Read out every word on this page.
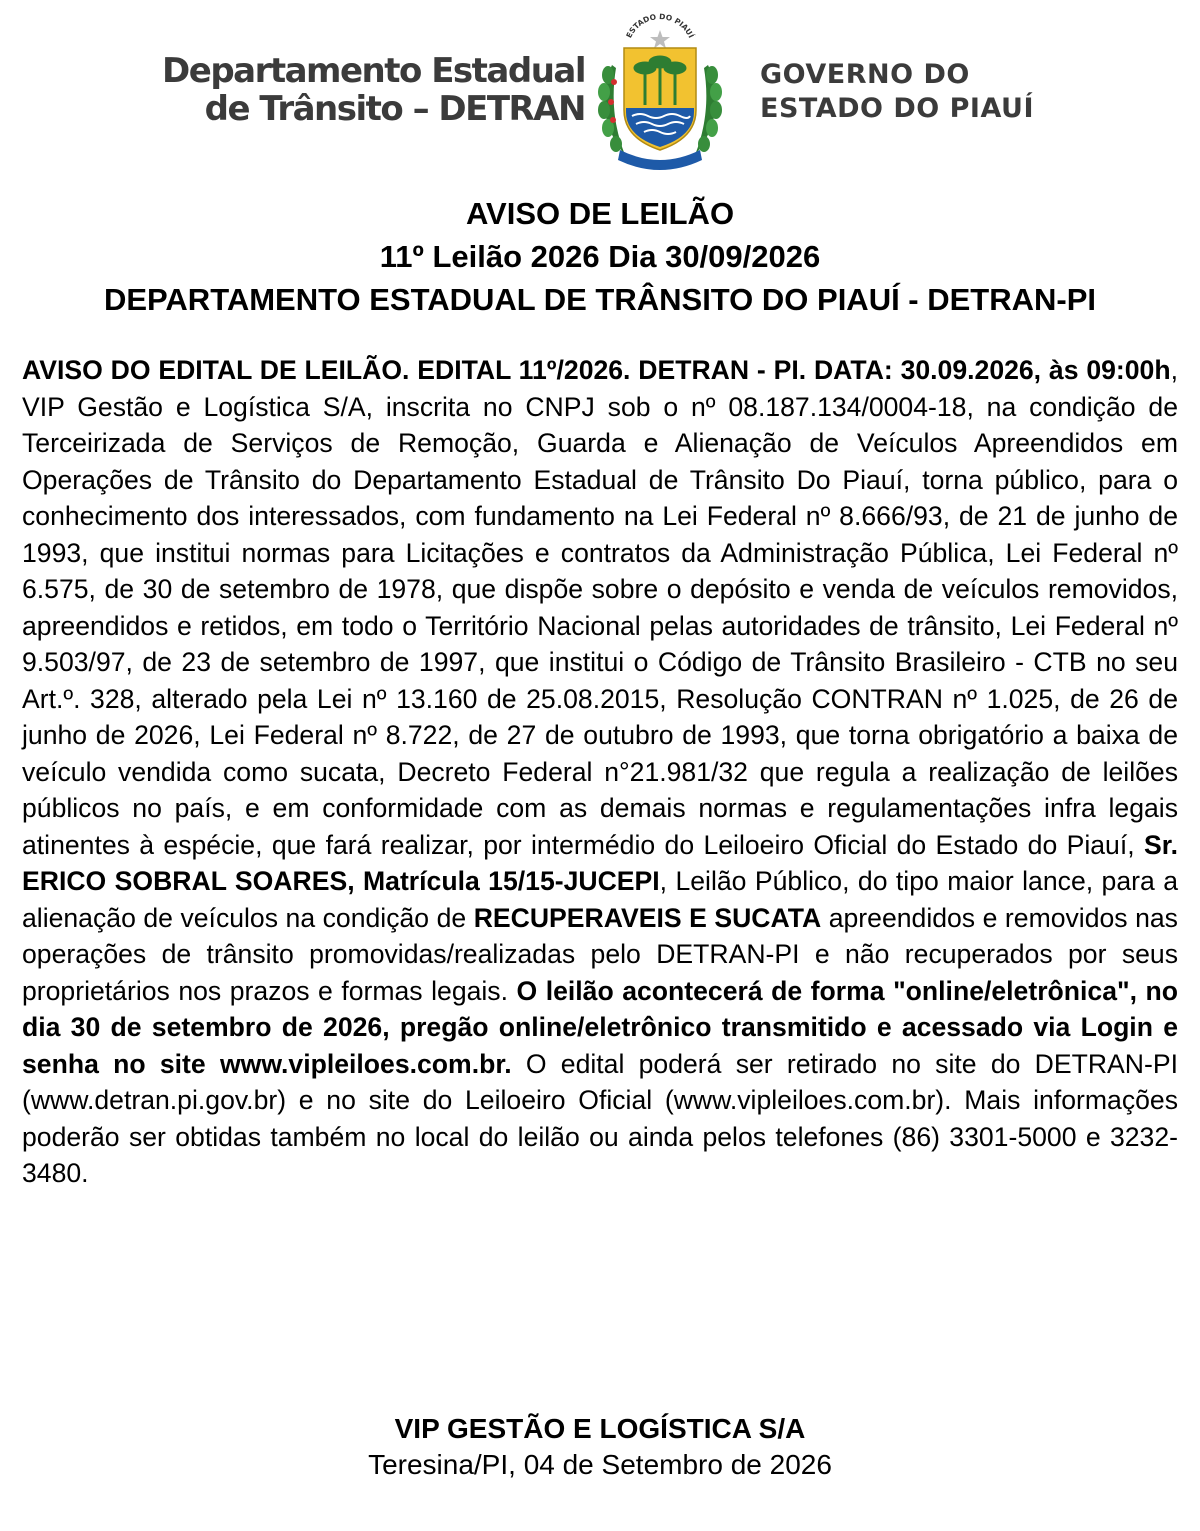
Departamento Estadual
de Trânsito – DETRAN
ESTADO DO PIAUÍ
GOVERNO DO
ESTADO DO PIAUÍ
AVISO DE LEILÃO
11º Leilão 2026 Dia 30/09/2026
DEPARTAMENTO ESTADUAL DE TRÂNSITO DO PIAUÍ - DETRAN-PI
AVISO DO EDITAL DE LEILÃO. EDITAL 11º/2026. DETRAN - PI. DATA: 30.09.2026, às 09:00h, VIP Gestão e Logística S/A, inscrita no CNPJ sob o nº 08.187.134/0004-18, na condição de Terceirizada de Serviços de Remoção, Guarda e Alienação de Veículos Apreendidos em Operações de Trânsito do Departamento Estadual de Trânsito Do Piauí, torna público, para o conhecimento dos interessados, com fundamento na Lei Federal nº 8.666/93, de 21 de junho de 1993, que institui normas para Licitações e contratos da Administração Pública, Lei Federal nº 6.575, de 30 de setembro de 1978, que dispõe sobre o depósito e venda de veículos removidos, apreendidos e retidos, em todo o Território Nacional pelas autoridades de trânsito, Lei Federal nº 9.503/97, de 23 de setembro de 1997, que institui o Código de Trânsito Brasileiro - CTB no seu Art.º. 328, alterado pela Lei nº 13.160 de 25.08.2015, Resolução CONTRAN nº 1.025, de 26 de junho de 2026, Lei Federal nº 8.722, de 27 de outubro de 1993, que torna obrigatório a baixa de veículo vendida como sucata, Decreto Federal n°21.981/32 que regula a realização de leilões públicos no país, e em conformidade com as demais normas e regulamentações infra legais atinentes à espécie, que fará realizar, por intermédio do Leiloeiro Oficial do Estado do Piauí, Sr. ERICO SOBRAL SOARES, Matrícula 15/15-JUCEPI, Leilão Público, do tipo maior lance, para a alienação de veículos na condição de RECUPERAVEIS E SUCATA apreendidos e removidos nas operações de trânsito promovidas/realizadas pelo DETRAN-PI e não recuperados por seus proprietários nos prazos e formas legais. O leilão acontecerá de forma "online/eletrônica", no dia 30 de setembro de 2026, pregão online/eletrônico transmitido e acessado via Login e senha no site www.vipleiloes.com.br. O edital poderá ser retirado no site do DETRAN-PI (www.detran.pi.gov.br) e no site do Leiloeiro Oficial (www.vipleiloes.com.br). Mais informações poderão ser obtidas também no local do leilão ou ainda pelos telefones (86) 3301-5000 e 3232-3480.
VIP GESTÃO E LOGÍSTICA S/A
Teresina/PI, 04 de Setembro de 2026
